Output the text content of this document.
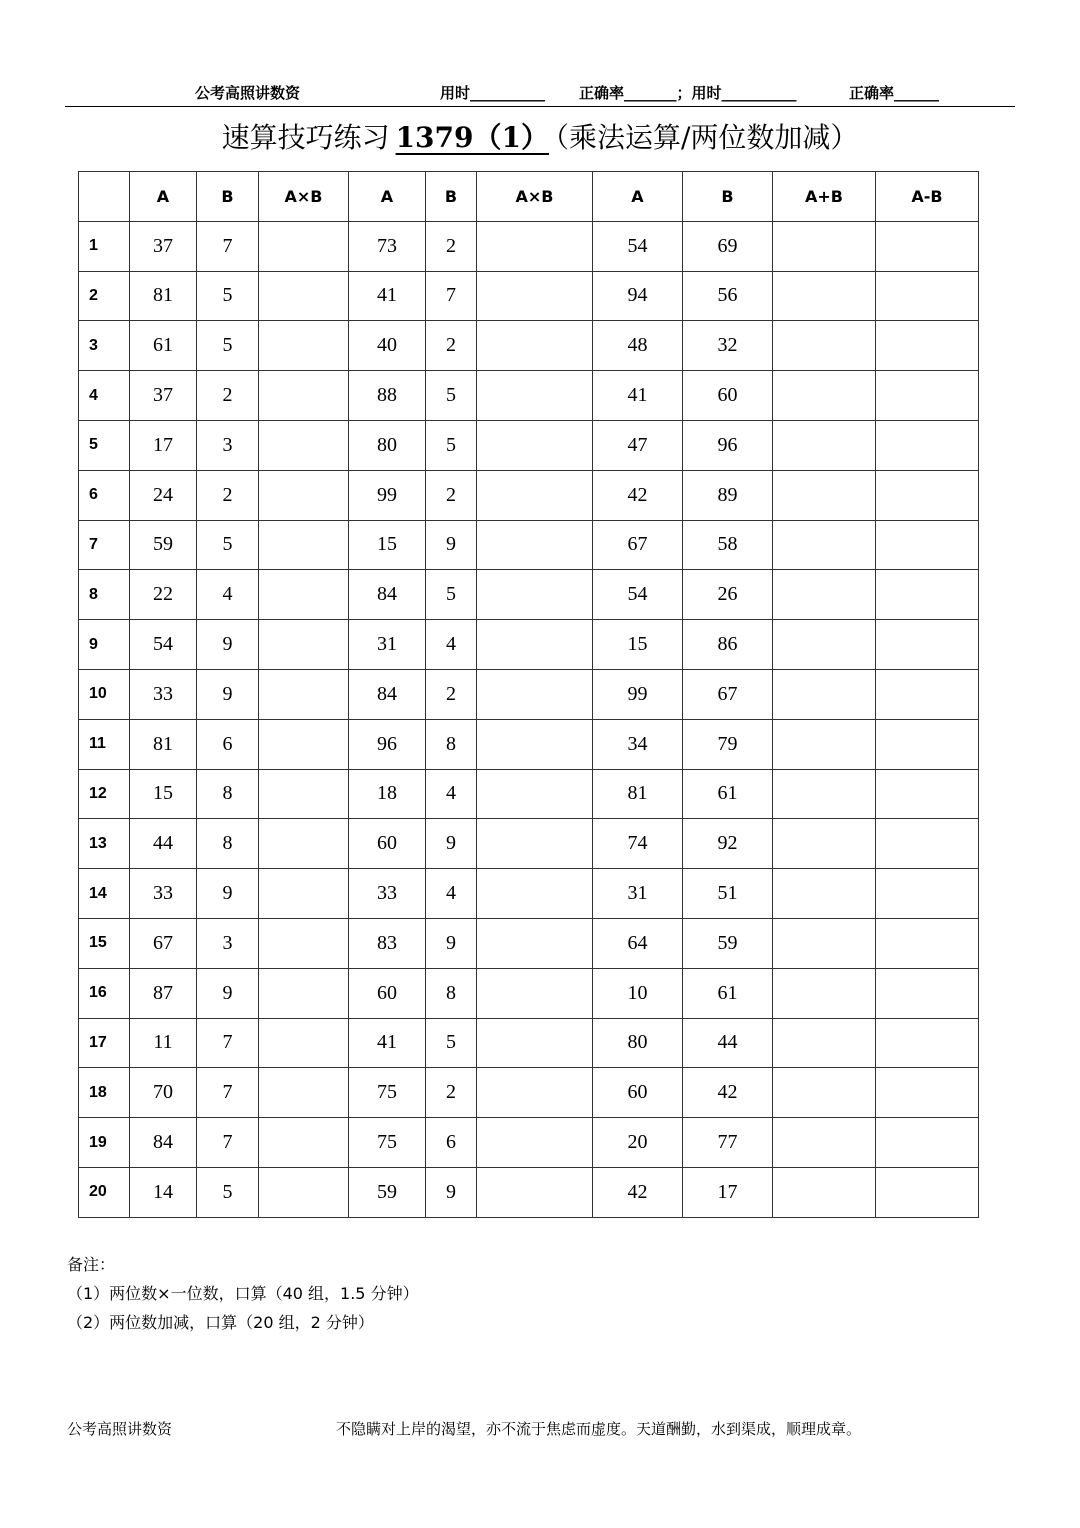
公考高照讲数资	用时__________ 正确率_______；用时__________	正确率______
速算技巧练习 1379（1） （乘法运算/两位数加减）
	A	B	A×B	A	B	A×B	A	B	A+B	A-B
1	37	7		73	2		54	69		
2	81	5		41	7		94	56		
3	61	5		40	2		48	32		
4	37	2		88	5		41	60		
5	17	3		80	5		47	96		
6	24	2		99	2		42	89		
7	59	5		15	9		67	58		
8	22	4		84	5		54	26		
9	54	9		31	4		15	86		
10	33	9		84	2		99	67		
11	81	6		96	8		34	79		
12	15	8		18	4		81	61		
13	44	8		60	9		74	92		
14	33	9		33	4		31	51		
15	67	3		83	9		64	59		
16	87	9		60	8		10	61		
17	11	7		41	5		80	44		
18	70	7		75	2		60	42		
19	84	7		75	6		20	77		
20	14	5		59	9		42	17		
备注：
（1）两位数×一位数，口算（40 组，1.5 分钟）
（2）两位数加减，口算（20 组，2 分钟）
公考高照讲数资	不隐瞒对上岸的渴望，亦不流于焦虑而虚度。天道酬勤，水到渠成，顺理成章。
